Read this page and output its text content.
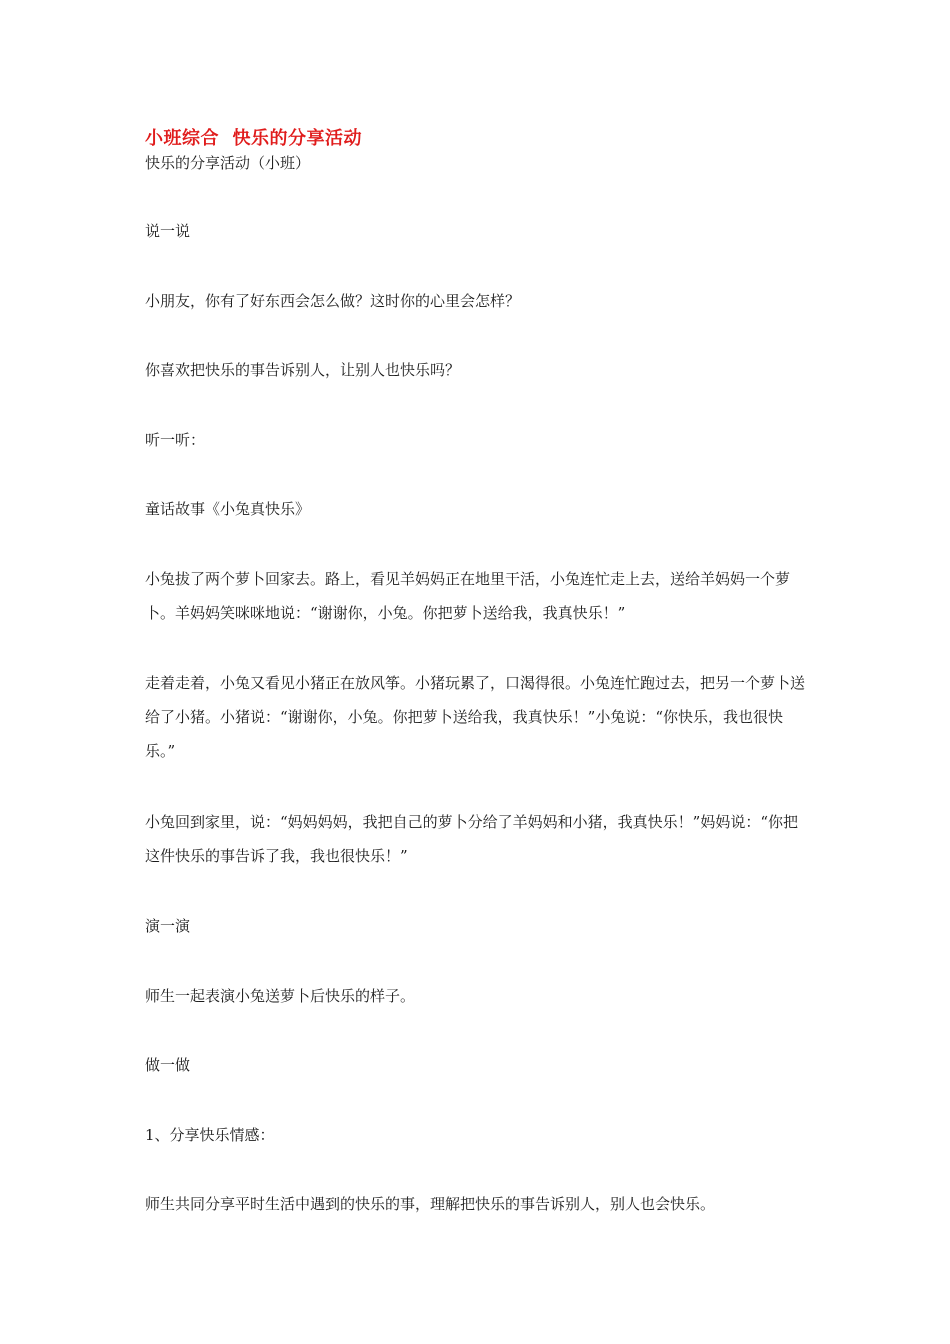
小班综合  快乐的分享活动
快乐的分享活动（小班）
说一说
小朋友，你有了好东西会怎么做？这时你的心里会怎样？
你喜欢把快乐的事告诉别人，让别人也快乐吗？
听一听：
童话故事《小兔真快乐》
小兔拔了两个萝卜回家去。路上，看见羊妈妈正在地里干活，小兔连忙走上去，送给羊妈妈一个萝卜。羊妈妈笑咪咪地说：“谢谢你，小兔。你把萝卜送给我，我真快乐！”
走着走着，小兔又看见小猪正在放风筝。小猪玩累了，口渴得很。小兔连忙跑过去，把另一个萝卜送给了小猪。小猪说：“谢谢你，小兔。你把萝卜送给我，我真快乐！”小兔说：“你快乐，我也很快乐。”
小兔回到家里，说：“妈妈妈妈，我把自己的萝卜分给了羊妈妈和小猪，我真快乐！”妈妈说：“你把这件快乐的事告诉了我，我也很快乐！”
演一演
师生一起表演小兔送萝卜后快乐的样子。
做一做
1、分享快乐情感：
师生共同分享平时生活中遇到的快乐的事，理解把快乐的事告诉别人，别人也会快乐。
